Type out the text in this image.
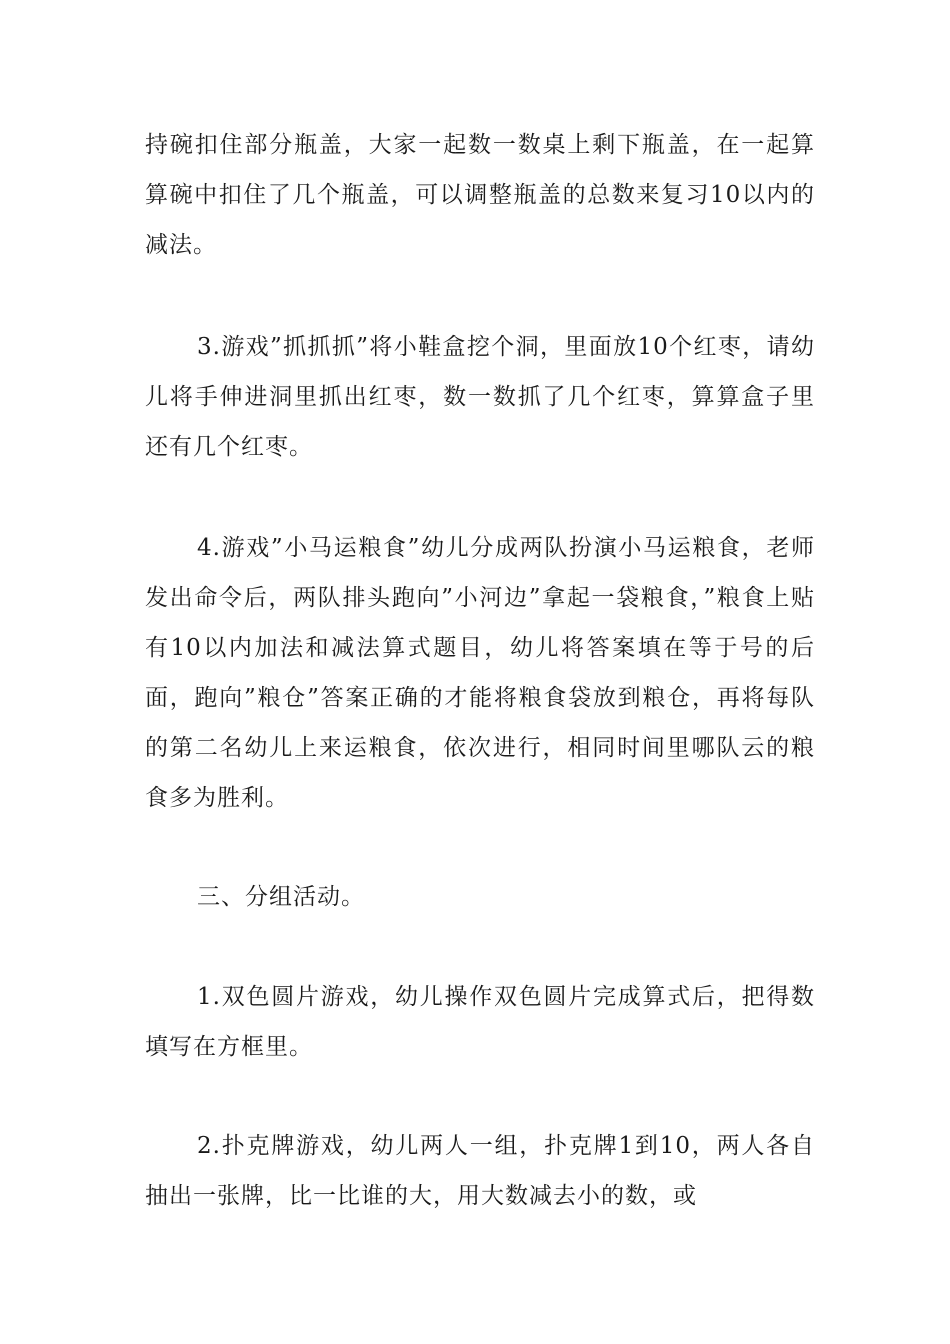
持碗扣住部分瓶盖，大家一起数一数桌上剩下瓶盖，在一起算算碗中扣住了几个瓶盖，可以调整瓶盖的总数来复习10以内的减法。

3.游戏”抓抓抓”将小鞋盒挖个洞，里面放10个红枣，请幼儿将手伸进洞里抓出红枣，数一数抓了几个红枣，算算盒子里还有几个红枣。

4.游戏”小马运粮食”幼儿分成两队扮演小马运粮食，老师发出命令后，两队排头跑向”小河边”拿起一袋粮食，”粮食上贴有10以内加法和减法算式题目，幼儿将答案填在等于号的后面，跑向”粮仓”答案正确的才能将粮食袋放到粮仓，再将每队的第二名幼儿上来运粮食，依次进行，相同时间里哪队云的粮食多为胜利。

三、分组活动。

1.双色圆片游戏，幼儿操作双色圆片完成算式后，把得数填写在方框里。

2.扑克牌游戏，幼儿两人一组，扑克牌1到10，两人各自抽出一张牌，比一比谁的大，用大数减去小的数，或
